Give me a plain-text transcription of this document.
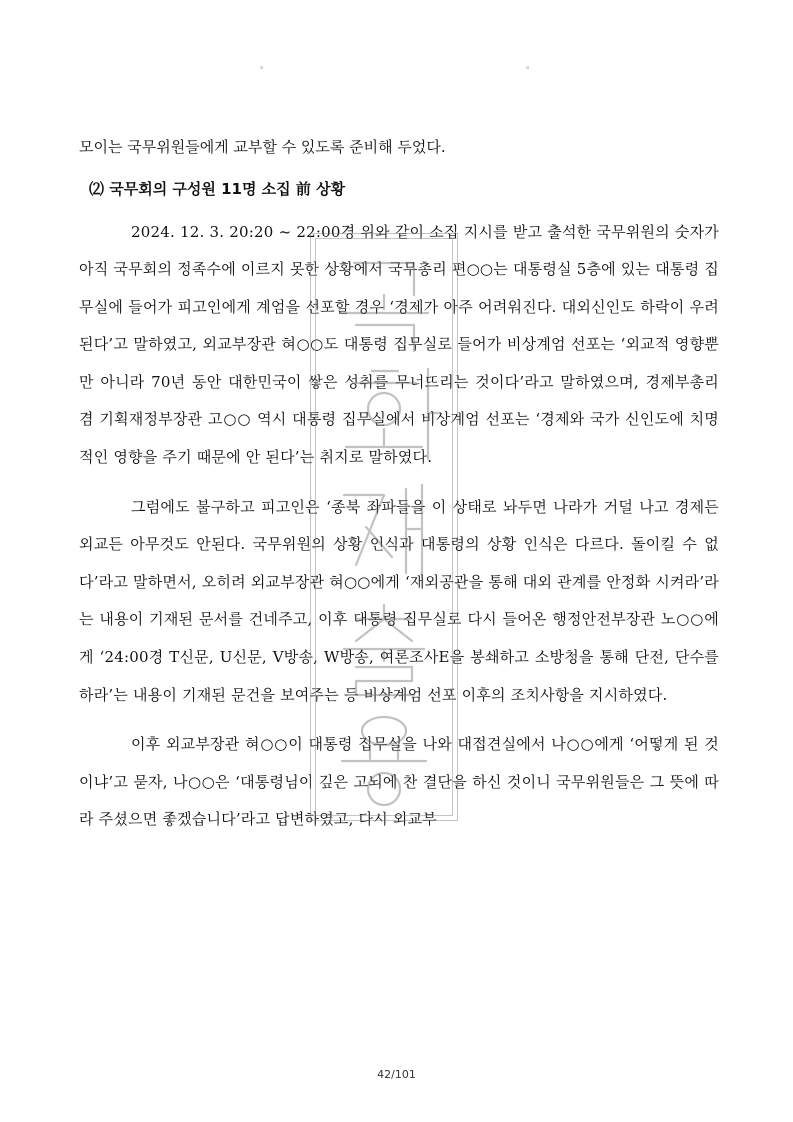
。	。

모이는 국무위원들에게 교부할 수 있도록 준비해 두었다.

⑵ 국무회의 구성원 11명 소집 前 상황

2024. 12. 3. 20:20 ~ 22:00경 위와 같이 소집 지시를 받고 출석한 국무위원의 숫자가 아직 국무회의 정족수에 이르지 못한 상황에서 국무총리 편○○는 대통령실 5층에 있는 대통령 집무실에 들어가 피고인에게 계엄을 선포할 경우 ‘경제가 아주 어려워진다. 대외신인도 하락이 우려된다’고 말하였고, 외교부장관 혀○○도 대통령 집무실로 들어가 비상계엄 선포는 ‘외교적 영향뿐만 아니라 70년 동안 대한민국이 쌓은 성취를 무너뜨리는 것이다’라고 말하였으며, 경제부총리 겸 기획재정부장관 고○○ 역시 대통령 집무실에서 비상계엄 선포는 ‘경제와 국가 신인도에 치명적인 영향을 주기 때문에 안 된다’는 취지로 말하였다.

그럼에도 불구하고 피고인은 ‘종북 좌파들을 이 상태로 놔두면 나라가 거덜 나고 경제든 외교든 아무것도 안된다. 국무위원의 상황 인식과 대통령의 상황 인식은 다르다. 돌이킬 수 없다’라고 말하면서, 오히려 외교부장관 혀○○에게 ‘재외공관을 통해 대외 관계를 안정화 시켜라’라는 내용이 기재된 문서를 건네주고, 이후 대통령 집무실로 다시 들어온 행정안전부장관 노○○에게 ‘24:00경 T신문, U신문, V방송, W방송, 여론조사E을 봉쇄하고 소방청을 통해 단전, 단수를 하라’는 내용이 기재된 문건을 보여주는 등 비상계엄 선포 이후의 조치사항을 지시하였다.

이후 외교부장관 혀○○이 대통령 집무실을 나와 대접견실에서 나○○에게 ‘어떻게 된 것이냐’고 묻자, 나○○은 ‘대통령님이 깊은 고뇌에 찬 결단을 하신 것이니 국무위원들은 그 뜻에 따라 주셨으면 좋겠습니다’라고 답변하였고, 다시 외교부

42/101
